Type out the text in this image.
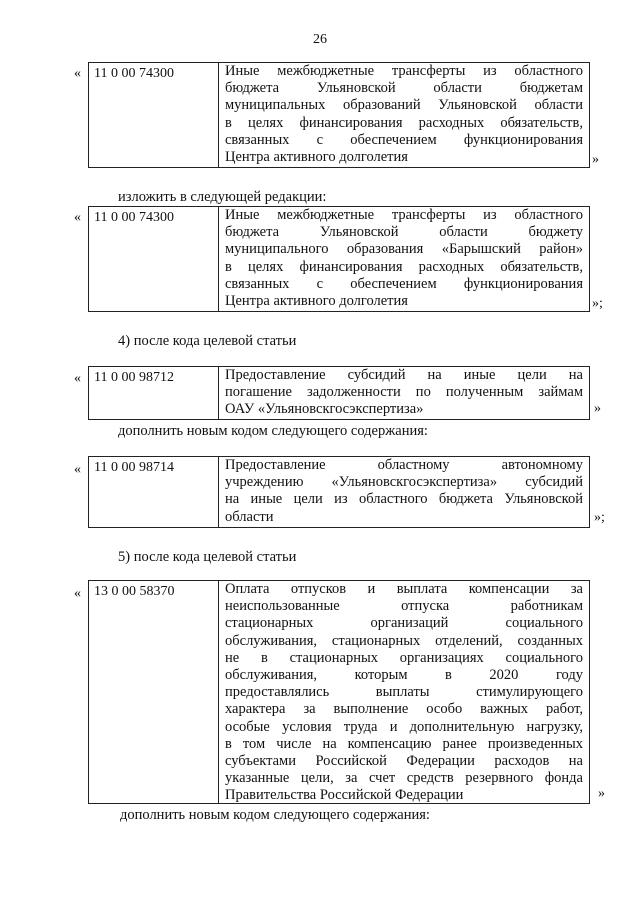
26
« 11 0 00 74300	Иные межбюджетные трансферты из областного
бюджета Ульяновской области бюджетам
муниципальных образований Ульяновской области
в целях финансирования расходных обязательств,
связанных с обеспечением функционирования
Центра активного долголетия	»
изложить в следующей редакции:
« 11 0 00 74300	Иные межбюджетные трансферты из областного
бюджета Ульяновской области бюджету
муниципального образования «Барышский район»
в целях финансирования расходных обязательств,
связанных с обеспечением функционирования
Центра активного долголетия	»;
4) после кода целевой статьи
« 11 0 00 98712	Предоставление субсидий на иные цели на
погашение задолженности по полученным займам
ОАУ «Ульяновскгосэкспертиза»	»
дополнить новым кодом следующего содержания:
« 11 0 00 98714	Предоставление областному автономному
учреждению «Ульяновскгосэкспертиза» субсидий
на иные цели из областного бюджета Ульяновской
области	»;
5) после кода целевой статьи
« 13 0 00 58370	Оплата отпусков и выплата компенсации за
неиспользованные отпуска работникам
стационарных организаций социального
обслуживания, стационарных отделений, созданных
не в стационарных организациях социального
обслуживания, которым в 2020 году
предоставлялись выплаты стимулирующего
характера за выполнение особо важных работ,
особые условия труда и дополнительную нагрузку,
в том числе на компенсацию ранее произведенных
субъектами Российской Федерации расходов на
указанные цели, за счет средств резервного фонда
Правительства Российской Федерации	»
дополнить новым кодом следующего содержания:
